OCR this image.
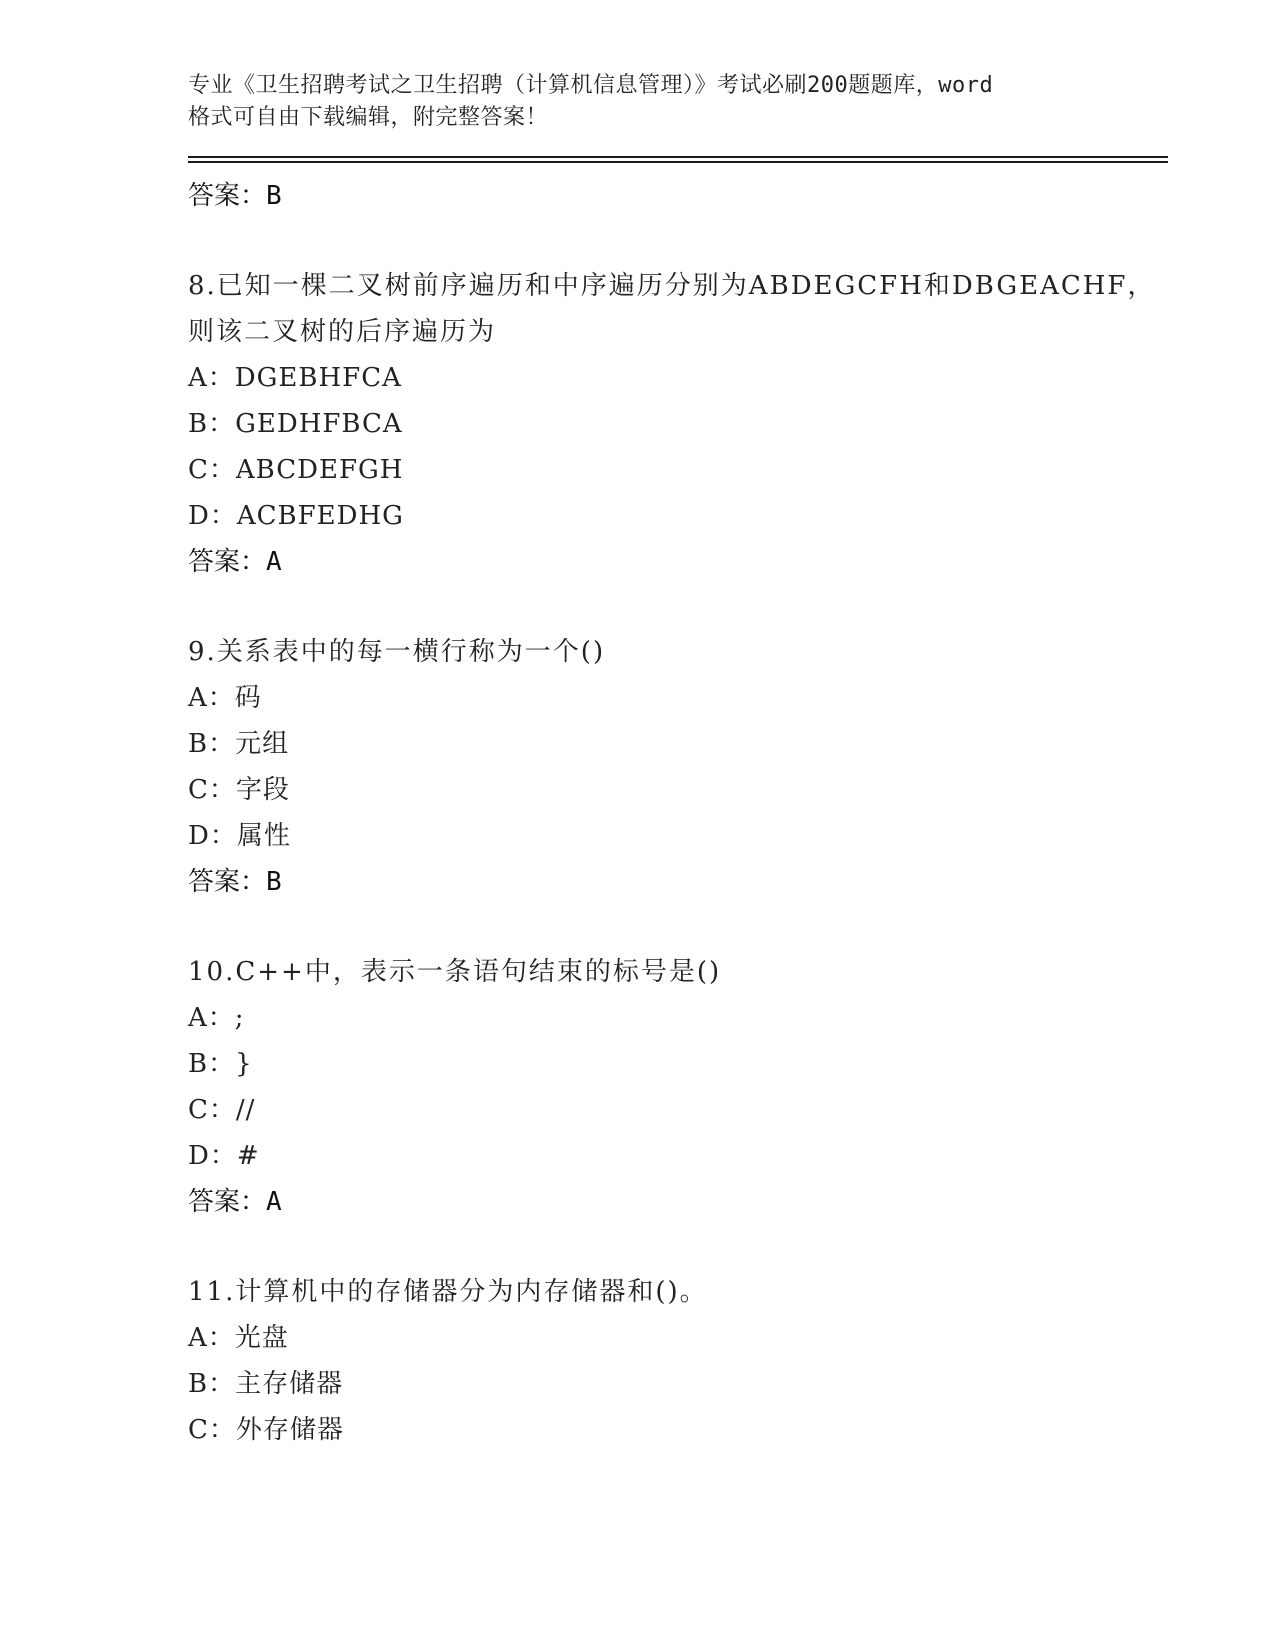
专业《卫生招聘考试之卫生招聘（计算机信息管理）》考试必刷200题题库，word
格式可自由下载编辑，附完整答案！
答案：B
8.已知一棵二叉树前序遍历和中序遍历分别为ABDEGCFH和DBGEACHF，
则该二叉树的后序遍历为
A：DGEBHFCA
B：GEDHFBCA
C：ABCDEFGH
D：ACBFEDHG
答案：A
9.关系表中的每一横行称为一个()
A：码
B：元组
C：字段
D：属性
答案：B
10.C++中，表示一条语句结束的标号是()
A：;
B：}
C：//
D：#
答案：A
11.计算机中的存储器分为内存储器和()。
A：光盘
B：主存储器
C：外存储器
